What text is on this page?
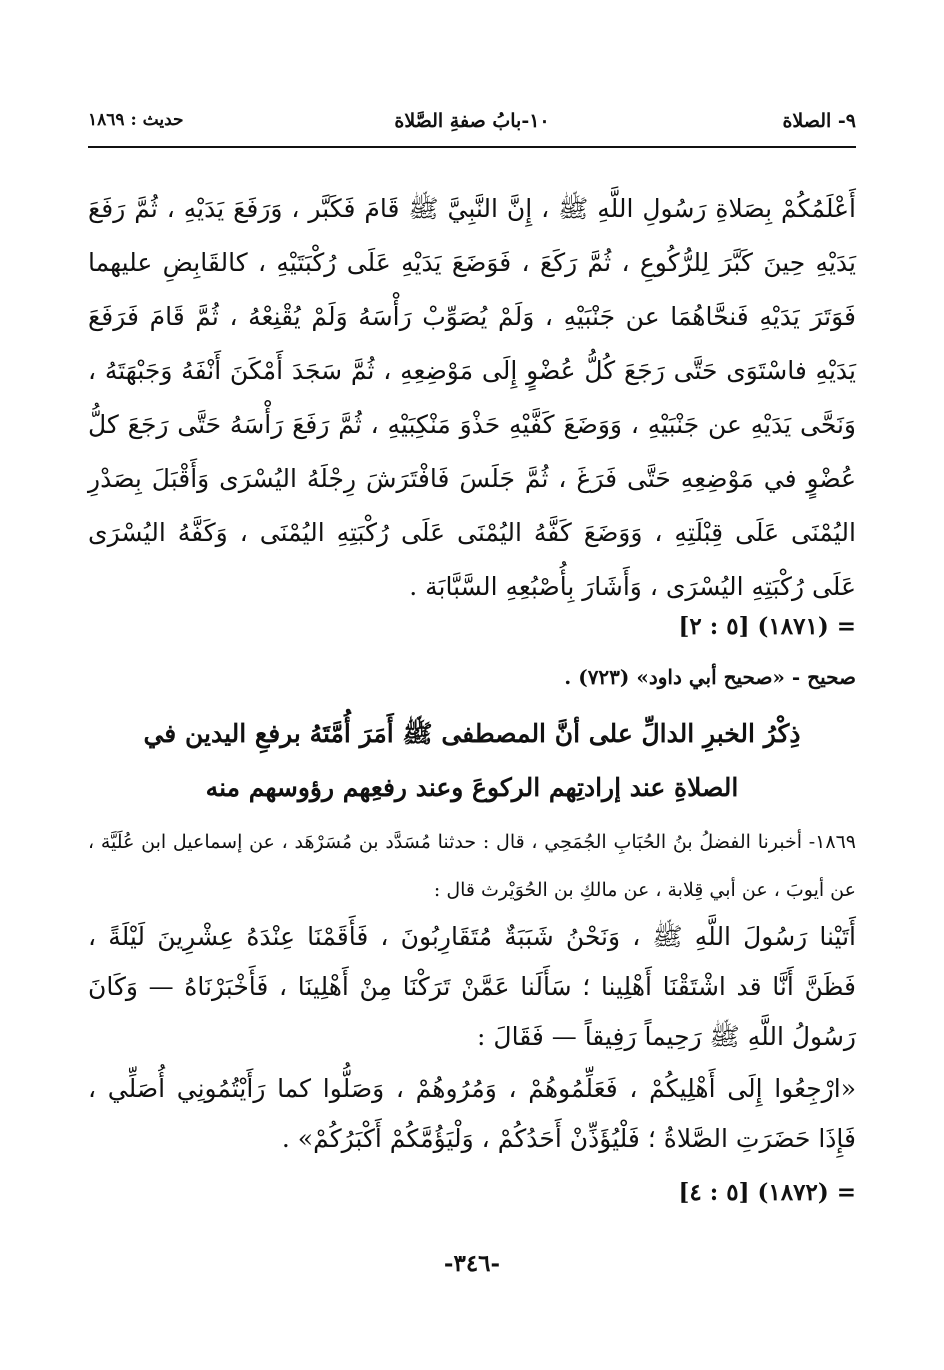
٩- الصلاة
١٠-بابُ صفةِ الصَّلاة
حديث : ١٨٦٩
أَعْلَمُكُمْ بِصَلاةِ رَسُولِ اللَّهِ ﷺ ، إِنَّ النَّبِيَّ ﷺ قَامَ فَكَبَّر ، وَرَفَعَ يَدَيْهِ ، ثُمَّ رَفَعَ يَدَيْهِ حِينَ كَبَّرَ لِلرُّكُوعِ ، ثُمَّ رَكَعَ ، فَوَضَعَ يَدَيْهِ عَلَى رُكْبَتَيْهِ ، كالقَابِضِ عليهما فَوَتَرَ يَدَيْهِ فَنحَّاهُمَا عن جَنْبَيْهِ ، وَلَمْ يُصَوِّبْ رَأْسَهُ وَلَمْ يُقْنِعْهُ ، ثُمَّ قَامَ فَرَفَعَ يَدَيْهِ فاسْتَوَى حَتَّى رَجَعَ كُلُّ عُضْوٍ إِلَى مَوْضِعِهِ ، ثُمَّ سَجَدَ أَمْكَنَ أَنْفَهُ وَجَبْهَتَهُ ، وَنَحَّى يَدَيْهِ عن جَنْبَيْهِ ، وَوَضَعَ كَفَّيْهِ حَذْوَ مَنْكِبَيْهِ ، ثُمَّ رَفَعَ رَأْسَهُ حَتَّى رَجَعَ كلُّ عُضْوٍ في مَوْضِعِهِ حَتَّى فَرَغَ ، ثُمَّ جَلَسَ فَافْتَرَشَ رِجْلَهُ اليُسْرَى وَأَقْبَلَ بِصَدْرِ اليُمْنَى عَلَى قِبْلَتِهِ ، وَوَضَعَ كَفَّهُ اليُمْنَى عَلَى رُكْبَتِهِ اليُمْنَى ، وَكَفَّهُ اليُسْرَى عَلَى رُكْبَتِهِ اليُسْرَى ، وَأَشَارَ بِأُصْبُعِهِ السَّبَّابَة .
= (١٨٧١) [٥ : ٢]
صحيح - «صحيح أبي داود» (٧٢٣) .
ذِكْرُ الخبرِ الدالِّ على أنَّ المصطفى ﷺ أَمَرَ أُمَّتَهُ برفعِ اليدين في
الصلاةِ عند إرادتِهم الركوعَ وعند رفعِهم رؤوسهم منه
١٨٦٩- أخبرنا الفضلُ بنُ الحُبَابِ الجُمَحِي ، قال : حدثنا مُسَدَّد بن مُسَرْهَد ، عن إسماعيل ابن عُلَيَّة ، عن أيوبَ ، عن أبي قِلابة ، عن مالكِ بن الحُوَيْرث قال :
أَتَيْنا رَسُولَ اللَّهِ ﷺ ، وَنَحْنُ شَبَبَةٌ مُتَقَارِبُونَ ، فَأَقَمْنَا عِنْدَهُ عِشْرِينَ لَيْلَةً ، فَظَنَّ أَنَّا قد اشْتَقْنَا أَهْلِينا ؛ سَأَلَنا عَمَّنْ تَرَكْنَا مِنْ أَهْلِينَا ، فَأَخْبَرْنَاهُ — وَكَانَ رَسُولُ اللَّهِ ﷺ رَحِيماً رَفِيقاً — فَقَالَ :
«ارْجِعُوا إِلَى أَهْلِيكُمْ ، فَعَلِّمُوهُمْ ، وَمُرُوهُمْ ، وَصَلُّوا كما رَأَيْتُمُونِي أُصَلِّي ، فَإِذَا حَضَرَتِ الصَّلاةُ ؛ فَلْيُؤَذِّنْ أَحَدُكُمْ ، وَلْيَؤُمَّكُمْ أَكْبَرُكُمْ» .
= (١٨٧٢) [٥ : ٤]
-٣٤٦-
